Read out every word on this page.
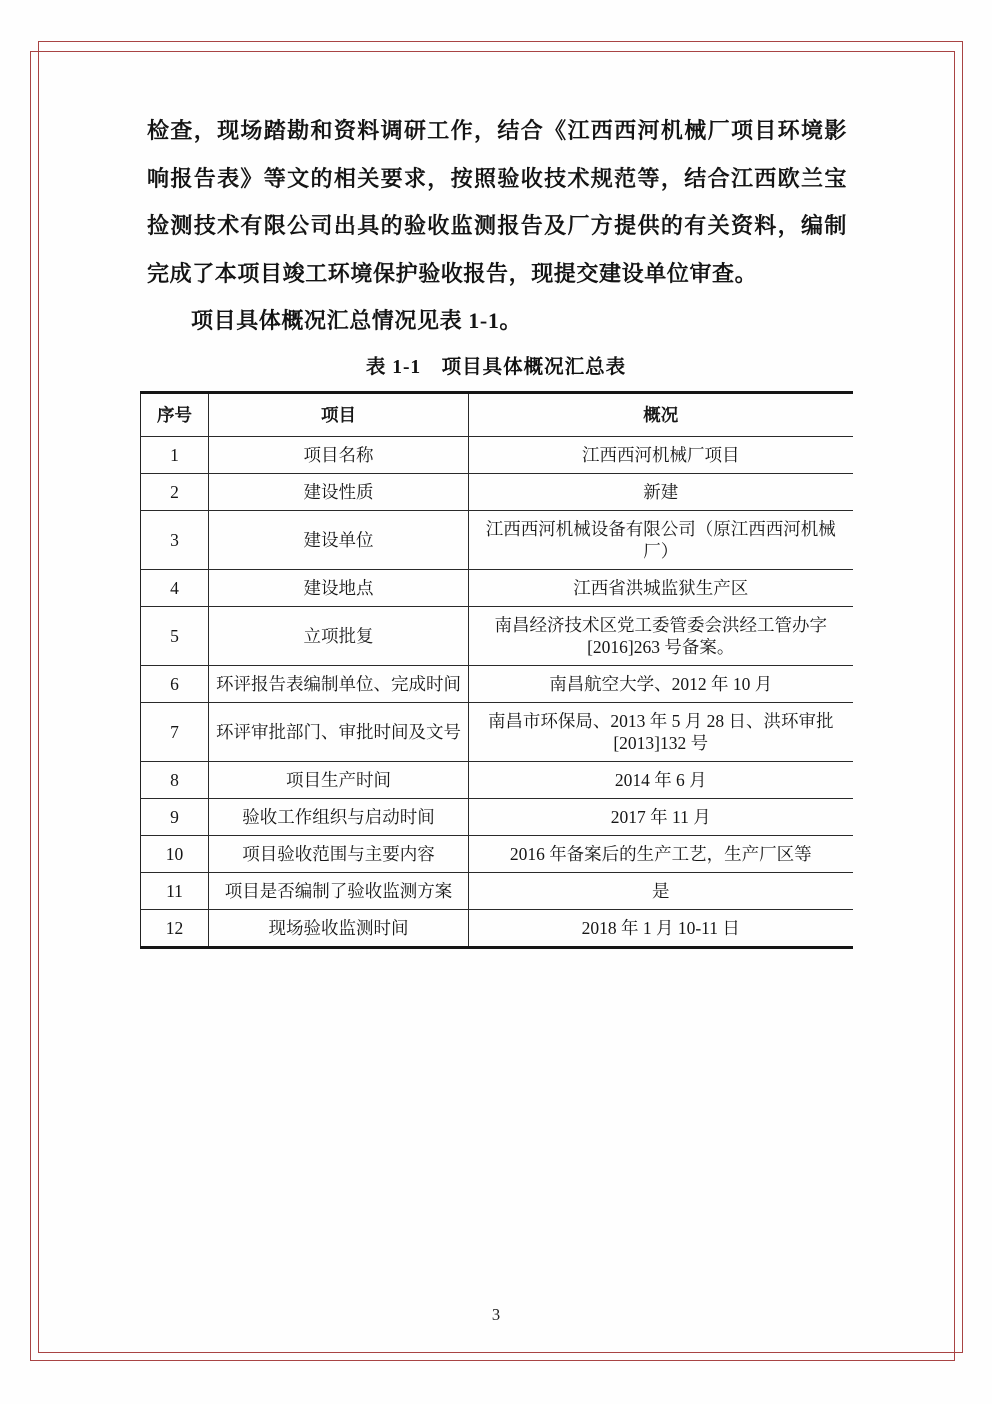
检查，现场踏勘和资料调研工作，结合《江西西河机械厂项目环境影响报告表》等文的相关要求，按照验收技术规范等，结合江西欧兰宝捡测技术有限公司出具的验收监测报告及厂方提供的有关资料，编制完成了本项目竣工环境保护验收报告，现提交建设单位审查。

项目具体概况汇总情况见表 1-1。

表 1-1　项目具体概况汇总表
序号	项目	概况
1	项目名称	江西西河机械厂项目
2	建设性质	新建
3	建设单位	江西西河机械设备有限公司（原江西西河机械厂）
4	建设地点	江西省洪城监狱生产区
5	立项批复	南昌经济技术区党工委管委会洪经工管办字 [2016]263 号备案。
6	环评报告表编制单位、完成时间	南昌航空大学、2012 年 10 月
7	环评审批部门、审批时间及文号	南昌市环保局、2013 年 5 月 28 日、洪环审批[2013]132 号
8	项目生产时间	2014 年 6 月
9	验收工作组织与启动时间	2017 年 11 月
10	项目验收范围与主要内容	2016 年备案后的生产工艺，生产厂区等
11	项目是否编制了验收监测方案	是
12	现场验收监测时间	2018 年 1 月 10-11 日
3
